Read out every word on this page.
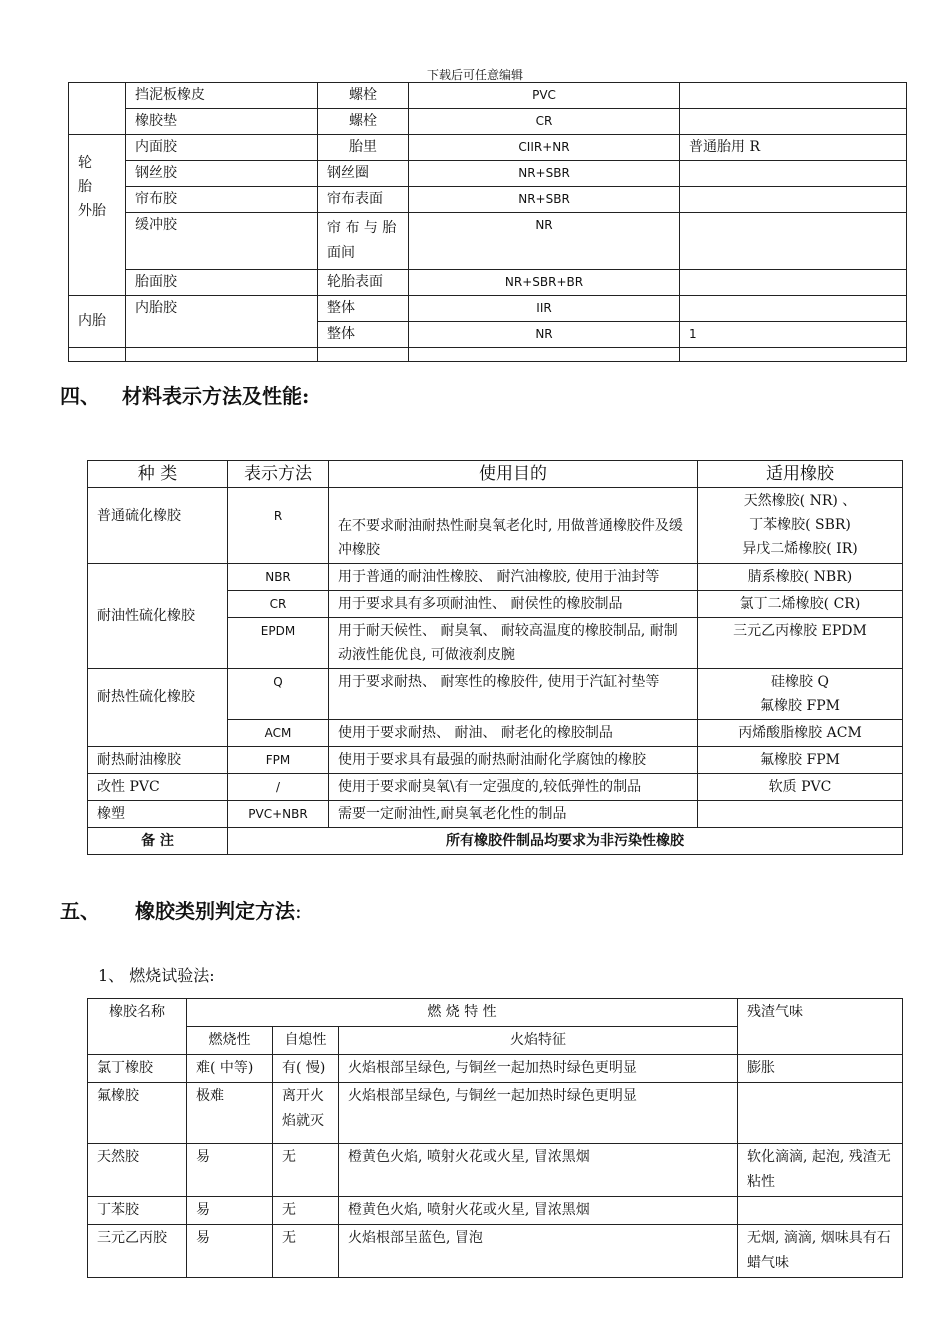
下载后可任意编辑
	挡泥板橡皮	螺栓	PVC	
	橡胶垫	螺栓	CR	
轮
胎
外胎	内面胶	胎里	CIIR+NR	普通胎用 R
	钢丝胶	钢丝圈	NR+SBR	
	帘布胶	帘布表面	NR+SBR	
	缓冲胶	帘 布 与 胎 面间	NR	
	胎面胶	轮胎表面	NR+SBR+BR	
内胎	内胎胶	整体	IIR	
		整体	NR	1

四、 材料表示方法及性能:
种 类	表示方法	使用目的	适用橡胶
普通硫化橡胶	R	在不要求耐油耐热性耐臭氧老化时, 用做普通橡胶件及缓冲橡胶	天然橡胶( NR) 、
丁苯橡胶( SBR)
异戊二烯橡胶( IR)
耐油性硫化橡胶	NBR	用于普通的耐油性橡胶、 耐汽油橡胶, 使用于油封等	腈系橡胶( NBR)
	CR	用于要求具有多项耐油性、 耐侯性的橡胶制品	氯丁二烯橡胶( CR)
	EPDM	用于耐天候性、 耐臭氧、 耐较高温度的橡胶制品, 耐制动液性能优良, 可做液刹皮腕	三元乙丙橡胶 EPDM
耐热性硫化橡胶	Q	用于要求耐热、 耐寒性的橡胶件, 使用于汽缸衬垫等	硅橡胶 Q
氟橡胶 FPM
	ACM	使用于要求耐热、 耐油、 耐老化的橡胶制品	丙烯酸脂橡胶 ACM
耐热耐油橡胶	FPM	使用于要求具有最强的耐热耐油耐化学腐蚀的橡胶	氟橡胶 FPM
改性 PVC	/	使用于要求耐臭氧\有一定强度的,较低弹性的制品	软质 PVC
橡塑	PVC+NBR	需要一定耐油性,耐臭氧老化性的制品	
备 注	所有橡胶件制品均要求为非污染性橡胶		
五、 橡胶类别判定方法:
1、 燃烧试验法:
橡胶名称	燃 烧 特 性			残渣气味
	燃烧性	自熄性	火焰特征	
氯丁橡胶	难( 中等)	有( 慢)	火焰根部呈绿色, 与铜丝一起加热时绿色更明显	膨胀
氟橡胶	极难	离开火焰就灭	火焰根部呈绿色, 与铜丝一起加热时绿色更明显	
天然胶	易	无	橙黄色火焰, 喷射火花或火星, 冒浓黑烟	软化滴滴, 起泡, 残渣无粘性
丁苯胶	易	无	橙黄色火焰, 喷射火花或火星, 冒浓黑烟	
三元乙丙胶	易	无	火焰根部呈蓝色, 冒泡	无烟, 滴滴, 烟味具有石蜡气味
